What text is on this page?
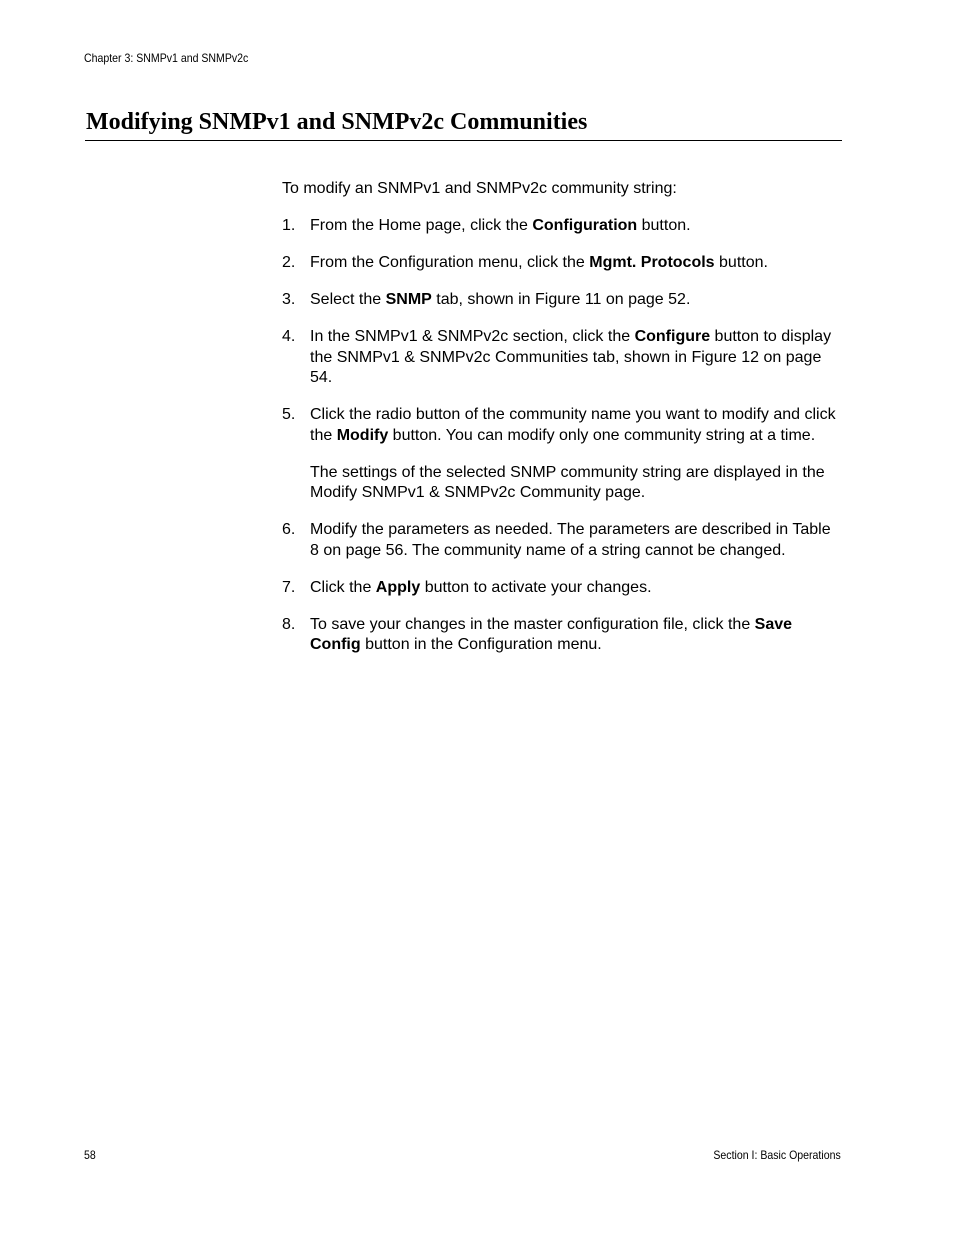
Chapter 3: SNMPv1 and SNMPv2c
Modifying SNMPv1 and SNMPv2c Communities

To modify an SNMPv1 and SNMPv2c community string:

1. From the Home page, click the Configuration button.

2. From the Configuration menu, click the Mgmt. Protocols button.

3. Select the SNMP tab, shown in Figure 11 on page 52.

4. In the SNMPv1 & SNMPv2c section, click the Configure button to display the SNMPv1 & SNMPv2c Communities tab, shown in Figure 12 on page 54.

5. Click the radio button of the community name you want to modify and click the Modify button. You can modify only one community string at a time.

The settings of the selected SNMP community string are displayed in the Modify SNMPv1 & SNMPv2c Community page.

6. Modify the parameters as needed. The parameters are described in Table 8 on page 56. The community name of a string cannot be changed.

7. Click the Apply button to activate your changes.

8. To save your changes in the master configuration file, click the Save Config button in the Configuration menu.

58	Section I: Basic Operations
